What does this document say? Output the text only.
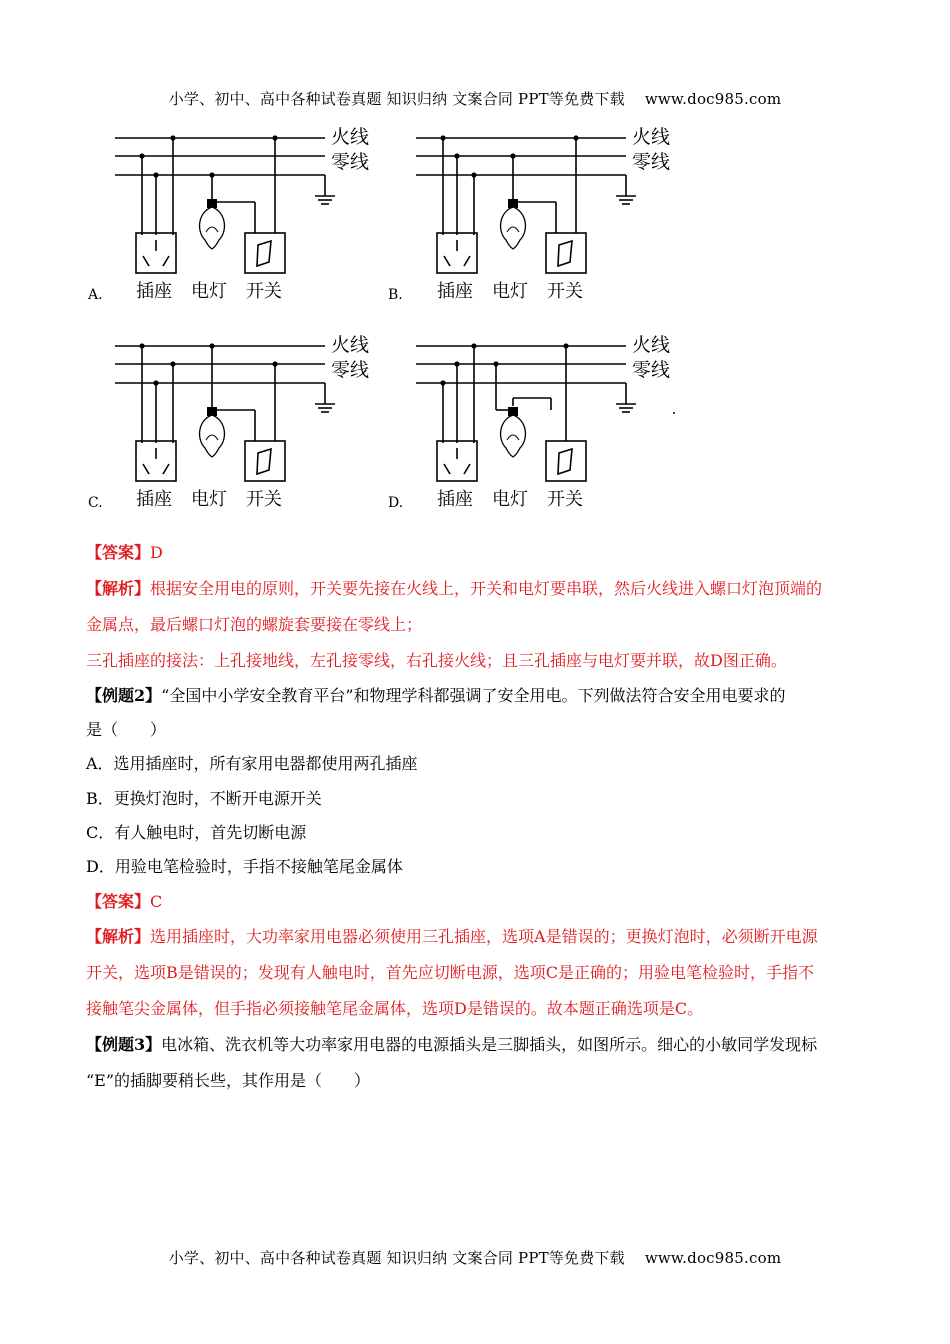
小学、初中、高中各种试卷真题 知识归纳 文案合同 PPT等免费下载 www.doc985.com
火线
零线
插座 电灯 开关
A.
火线
零线
插座 电灯 开关
B.
火线
零线
插座 电灯 开关
C.
火线
零线
插座 电灯 开关
D.
【答案】D
【解析】根据安全用电的原则，开关要先接在火线上，开关和电灯要串联，然后火线进入螺口灯泡顶端的
金属点，最后螺口灯泡的螺旋套要接在零线上；
三孔插座的接法：上孔接地线，左孔接零线，右孔接火线；且三孔插座与电灯要并联，故D图正确。
【例题2】“全国中小学安全教育平台”和物理学科都强调了安全用电。下列做法符合安全用电要求的
是（　　）
A．选用插座时，所有家用电器都使用两孔插座
B．更换灯泡时，不断开电源开关
C．有人触电时，首先切断电源
D．用验电笔检验时，手指不接触笔尾金属体
【答案】C
【解析】选用插座时，大功率家用电器必须使用三孔插座，选项A是错误的；更换灯泡时，必须断开电源
开关，选项B是错误的；发现有人触电时，首先应切断电源，选项C是正确的；用验电笔检验时，手指不
接触笔尖金属体，但手指必须接触笔尾金属体，选项D是错误的。故本题正确选项是C。
【例题3】电冰箱、洗衣机等大功率家用电器的电源插头是三脚插头，如图所示。细心的小敏同学发现标
“E”的插脚要稍长些，其作用是（　　）
小学、初中、高中各种试卷真题 知识归纳 文案合同 PPT等免费下载 www.doc985.com
